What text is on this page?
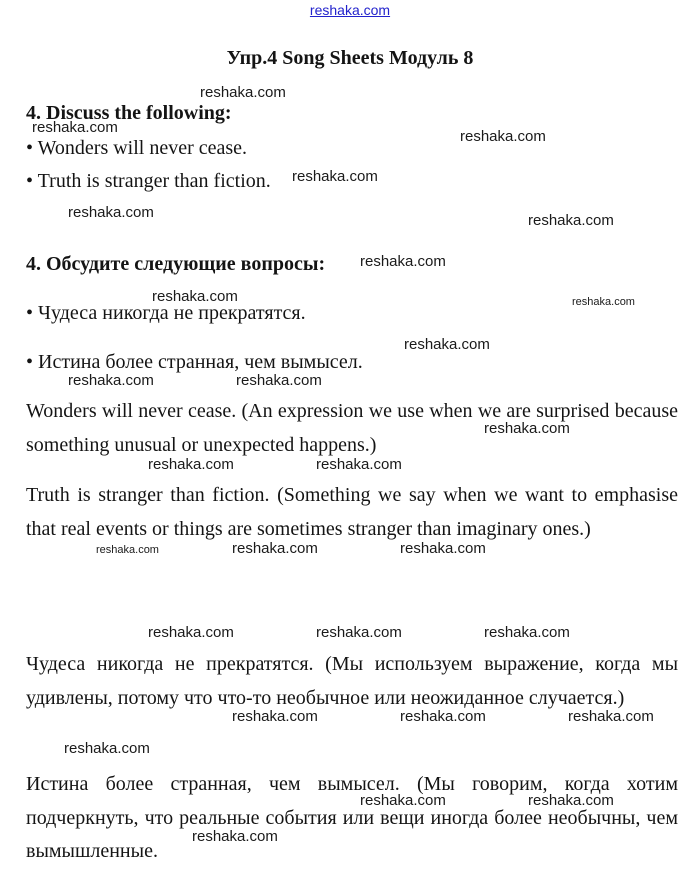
reshaka.com
Упр.4 Song Sheets Модуль 8
4. Discuss the following:
• Wonders will never cease.
• Truth is stranger than fiction.
4. Обсудите следующие вопросы:
• Чудеса никогда не прекратятся.
• Истина более странная, чем вымысел.

Wonders will never cease. (An expression we use when we are surprised because something unusual or unexpected happens.)

Truth is stranger than fiction. (Something we say when we want to emphasise that real events or things are sometimes stranger than imaginary ones.)

Чудеса никогда не прекратятся. (Мы используем выражение, когда мы удивлены, потому что что-то необычное или неожиданное случается.)

Истина более странная, чем вымысел. (Мы говорим, когда хотим подчеркнуть, что реальные события или вещи иногда более необычны, чем вымышленные.

reshaka.com
reshaka.com
reshaka.com
reshaka.com
reshaka.com	reshaka.com
reshaka.com
reshaka.com	reshaka.com
reshaka.com
reshaka.com	reshaka.com
reshaka.com
reshaka.com	reshaka.com
reshaka.com	reshaka.com	reshaka.com
reshaka.com	reshaka.com	reshaka.com
reshaka.com	reshaka.com	reshaka.com
reshaka.com
reshaka.com	reshaka.com
reshaka.com
